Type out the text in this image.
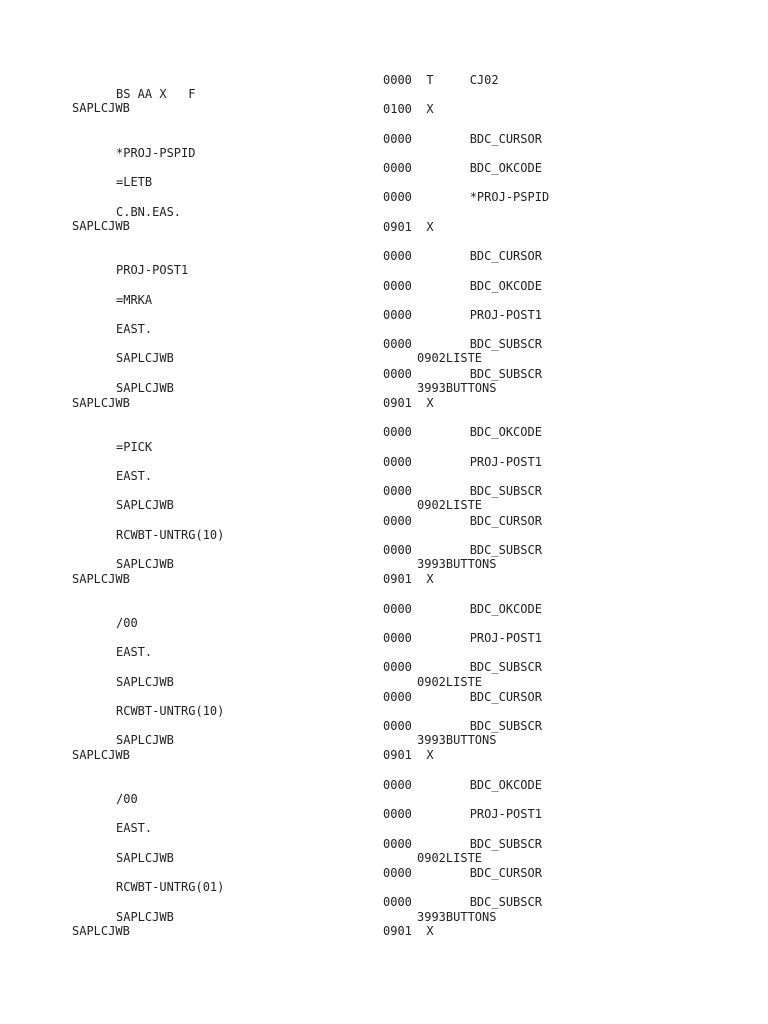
BS AA X   F
SAPLCJWB
*PROJ-PSPID
=LETB
C.BN.EAS.
SAPLCJWB
PROJ-POST1
=MRKA
EAST.
SAPLCJWB
SAPLCJWB
SAPLCJWB
=PICK
EAST.
SAPLCJWB
RCWBT-UNTRG(10)
SAPLCJWB
SAPLCJWB
/00
EAST.
SAPLCJWB
RCWBT-UNTRG(10)
SAPLCJWB
SAPLCJWB
/00
EAST.
SAPLCJWB
RCWBT-UNTRG(01)
SAPLCJWB
SAPLCJWB
0000  T     CJ02
0100  X
0000        BDC_CURSOR
0000        BDC_OKCODE
0000        *PROJ-PSPID
0901  X
0000        BDC_CURSOR
0000        BDC_OKCODE
0000        PROJ-POST1
0000        BDC_SUBSCR
0902LISTE
0000        BDC_SUBSCR
3993BUTTONS
0901  X
0000        BDC_OKCODE
0000        PROJ-POST1
0000        BDC_SUBSCR
0902LISTE
0000        BDC_CURSOR
0000        BDC_SUBSCR
3993BUTTONS
0901  X
0000        BDC_OKCODE
0000        PROJ-POST1
0000        BDC_SUBSCR
0902LISTE
0000        BDC_CURSOR
0000        BDC_SUBSCR
3993BUTTONS
0901  X
0000        BDC_OKCODE
0000        PROJ-POST1
0000        BDC_SUBSCR
0902LISTE
0000        BDC_CURSOR
0000        BDC_SUBSCR
3993BUTTONS
0901  X
